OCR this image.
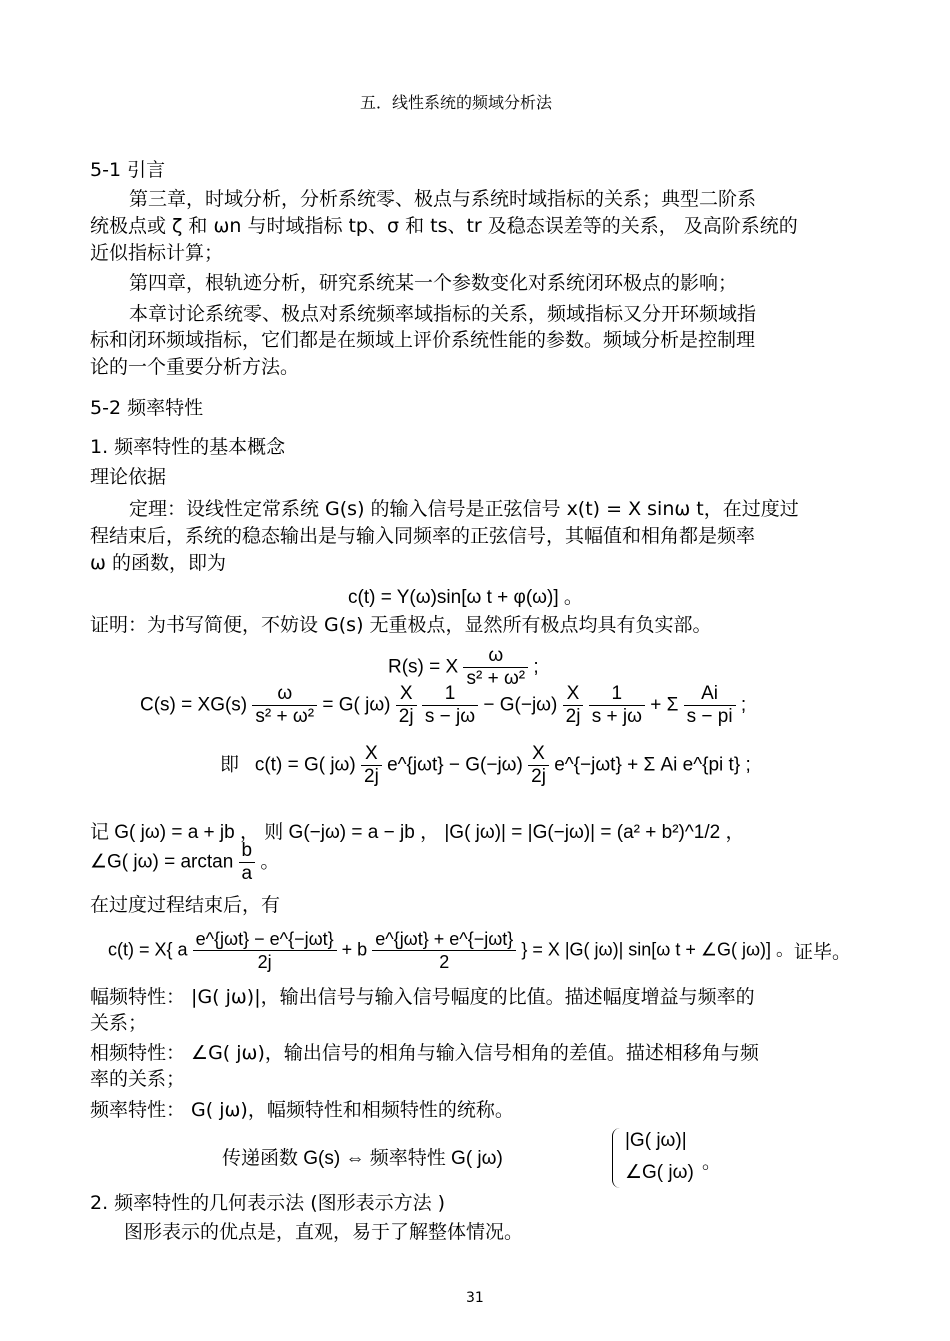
五．线性系统的频域分析法
5-1 引言
第三章，时域分析，分析系统零、极点与系统时域指标的关系；典型二阶系
统极点或 ζ 和 ωn 与时域指标 tp、σ 和 ts、tr 及稳态误差等的关系， 及高阶系统的
近似指标计算；
第四章，根轨迹分析，研究系统某一个参数变化对系统闭环极点的影响；
本章讨论系统零、极点对系统频率域指标的关系，频域指标又分开环频域指
标和闭环频域指标，它们都是在频域上评价系统性能的参数。频域分析是控制理
论的一个重要分析方法。
5-2 频率特性
1. 频率特性的基本概念
理论依据
定理：设线性定常系统 G(s) 的输入信号是正弦信号 x(t) = X sinω t，在过度过
程结束后，系统的稳态输出是与输入同频率的正弦信号，其幅值和相角都是频率
ω 的函数，即为
c(t) = Y(ω)sin[ω t + φ(ω)] 。
证明：为书写简便，不妨设 G(s) 无重极点，显然所有极点均具有负实部。
R(s) = X $\frac{\omega}{\text{s² + ω²}}$ ;
$C(s) = XG(s) \frac{\omega}{\text{s² + ω²}} = G$( $j\omega) \frac{X}{2j}$
$\frac{1}{s - j\omega} - G(-j\omega) \frac{X}{2j}$
$\frac{1}{s + j\omega} + \Sigma \frac{Ai}{s - pi}$ ;
即 c(t) = G( $j\omega) \frac{X}{2j}$ e^{jωt} − $G(-j\omega) \frac{X}{2j}$ e^{−jωt} + Σ Ai e^{pi t} ;
记 G( jω) = a + jb ， 则 G(−jω) = a − jb ， |G( jω)| = |G(−jω)| = (a² + b²)^1/2 ，
∠G( $j\omega) = \arctan \frac{b}{a}$ 。
在过度过程结束后，有
c(t) = X{ a $\frac{\text{e\textasciicircum{}\{jωt\} − e\textasciicircum{}\{−jωt\}}}{2j} + b \frac{\text{e\textasciicircum{}\{jωt\} + e\textasciicircum{}\{−jωt\}}}{2}$ } = X |G( jω)| sin[ω t + ∠G( jω)] 。 证毕。
幅频特性： |G( jω)|，输出信号与输入信号幅度的比值。描述幅度增益与频率的
关系；
相频特性： ∠G( jω)，输出信号的相角与输入信号相角的差值。描述相移角与频
率的关系；
频率特性： G( jω)，幅频特性和相频特性的统称。
传递函数 G(s) ⇔ 频率特性 G( jω)
|G( jω)|
∠G( jω) 。
2. 频率特性的几何表示法 (图形表示方法 )
图形表示的优点是，直观，易于了解整体情况。
31
